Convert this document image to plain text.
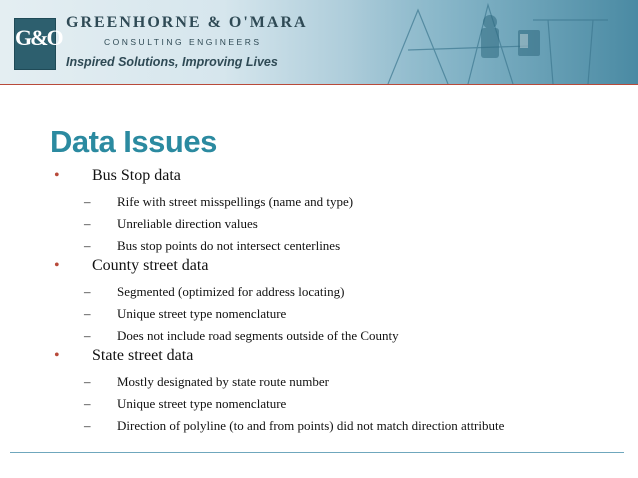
G&O
GREENHORNE & O'MARA
CONSULTING ENGINEERS
Inspired Solutions, Improving Lives
Data Issues
• Bus Stop data
– Rife with street misspellings (name and type)
– Unreliable direction values
– Bus stop points do not intersect centerlines
• County street data
– Segmented (optimized for address locating)
– Unique street type nomenclature
– Does not include road segments outside of the County
• State street data
– Mostly designated by state route number
– Unique street type nomenclature
– Direction of polyline (to and from points) did not match direction attribute
